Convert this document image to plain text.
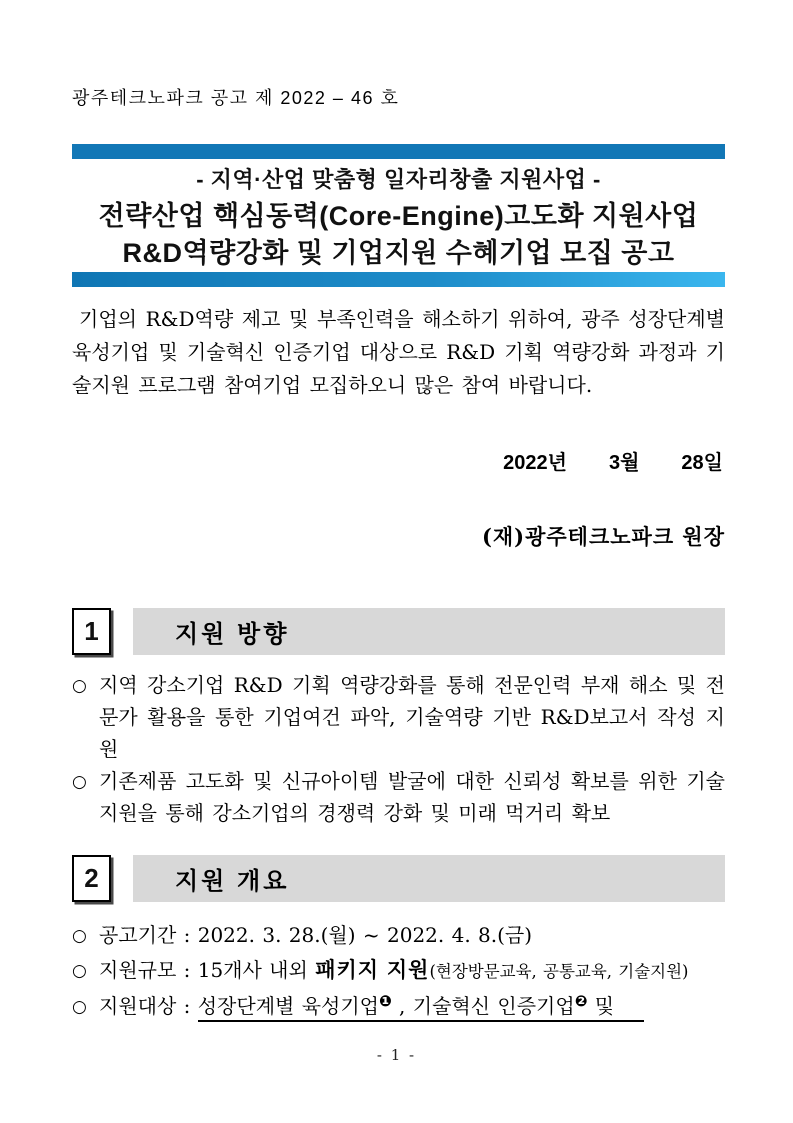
광주테크노파크 공고 제 2022 – 46 호
- 지역·산업 맞춤형 일자리창출 지원사업 -
전략산업 핵심동력(Core-Engine)고도화 지원사업
R&D역량강화 및 기업지원 수혜기업 모집 공고

기업의 R&D역량 제고 및 부족인력을 해소하기 위하여, 광주 성장단계별 육성기업 및 기술혁신 인증기업 대상으로 R&D 기획 역량강화 과정과 기술지원 프로그램 참여기업 모집하오니 많은 참여 바랍니다.

2022년 3월 28일
(재)광주테크노파크 원장
1	지원 방향
○ 지역 강소기업 R&D 기획 역량강화를 통해 전문인력 부재 해소 및 전문가 활용을 통한 기업여건 파악, 기술역량 기반 R&D보고서 작성 지원
○ 기존제품 고도화 및 신규아이템 발굴에 대한 신뢰성 확보를 위한 기술지원을 통해 강소기업의 경쟁력 강화 및 미래 먹거리 확보
2	지원 개요
○ 공고기간 : 2022. 3. 28.(월) ~ 2022. 4. 8.(금)
○ 지원규모 : 15개사 내외 패키지 지원(현장방문교육, 공통교육, 기술지원)
○ 지원대상 : 성장단계별 육성기업$^❶$ , 기술혁신 인증기업$^❷$ 및
- 1 -
